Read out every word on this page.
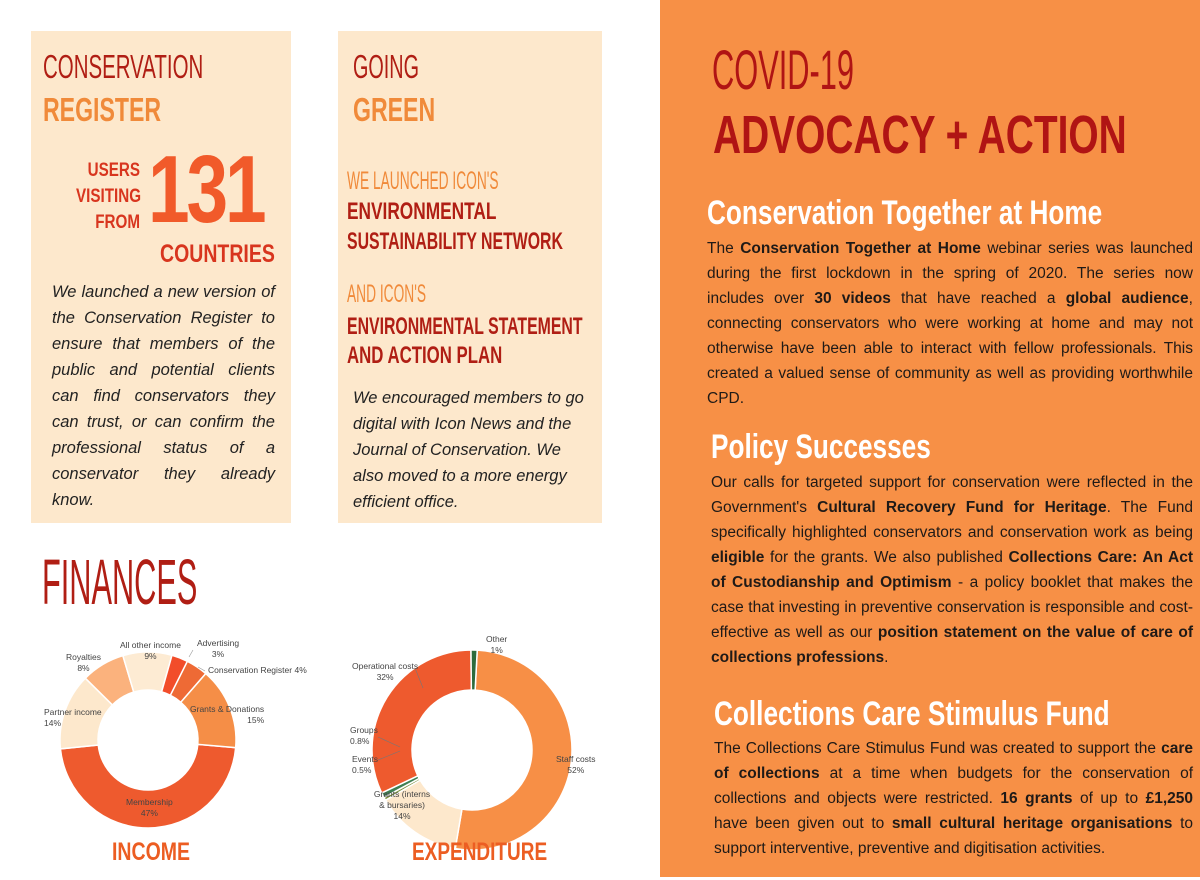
CONSERVATION
REGISTER
USERS
VISITING
FROM 131
COUNTRIES
We launched a new version of the Conservation Register to ensure that members of the public and potential clients can find conservators they can trust, or can confirm the professional status of a conservator they already know.
GOING
GREEN
WE LAUNCHED ICON'S
ENVIRONMENTAL
SUSTAINABILITY NETWORK
AND ICON'S
ENVIRONMENTAL STATEMENT
AND ACTION PLAN
We encouraged members to go digital with Icon News and the Journal of Conservation. We also moved to a more energy efficient office.
FINANCES
All other income
9%
Advertising
3%
Conservation Register 4%
Royalties
8%
Grants & Donations
15%
Partner income
14%
Membership
47%
INCOME
Other
1%
Operational costs
32%
Groups
0.8%
Events
0.5%
Staff costs
52%
Grants (interns & bursaries)
14%
EXPENDITURE
COVID-19
ADVOCACY + ACTION
Conservation Together at Home
The Conservation Together at Home webinar series was launched during the first lockdown in the spring of 2020. The series now includes over 30 videos that have reached a global audience, connecting conservators who were working at home and may not otherwise have been able to interact with fellow professionals. This created a valued sense of community as well as providing worthwhile CPD.
Policy Successes
Our calls for targeted support for conservation were reflected in the Government's Cultural Recovery Fund for Heritage. The Fund specifically highlighted conservators and conservation work as being eligible for the grants. We also published Collections Care: An Act of Custodianship and Optimism - a policy booklet that makes the case that investing in preventive conservation is responsible and cost-effective as well as our position statement on the value of care of collections professions.
Collections Care Stimulus Fund
The Collections Care Stimulus Fund was created to support the care of collections at a time when budgets for the conservation of collections and objects were restricted. 16 grants of up to £1,250 have been given out to small cultural heritage organisations to support interventive, preventive and digitisation activities.
